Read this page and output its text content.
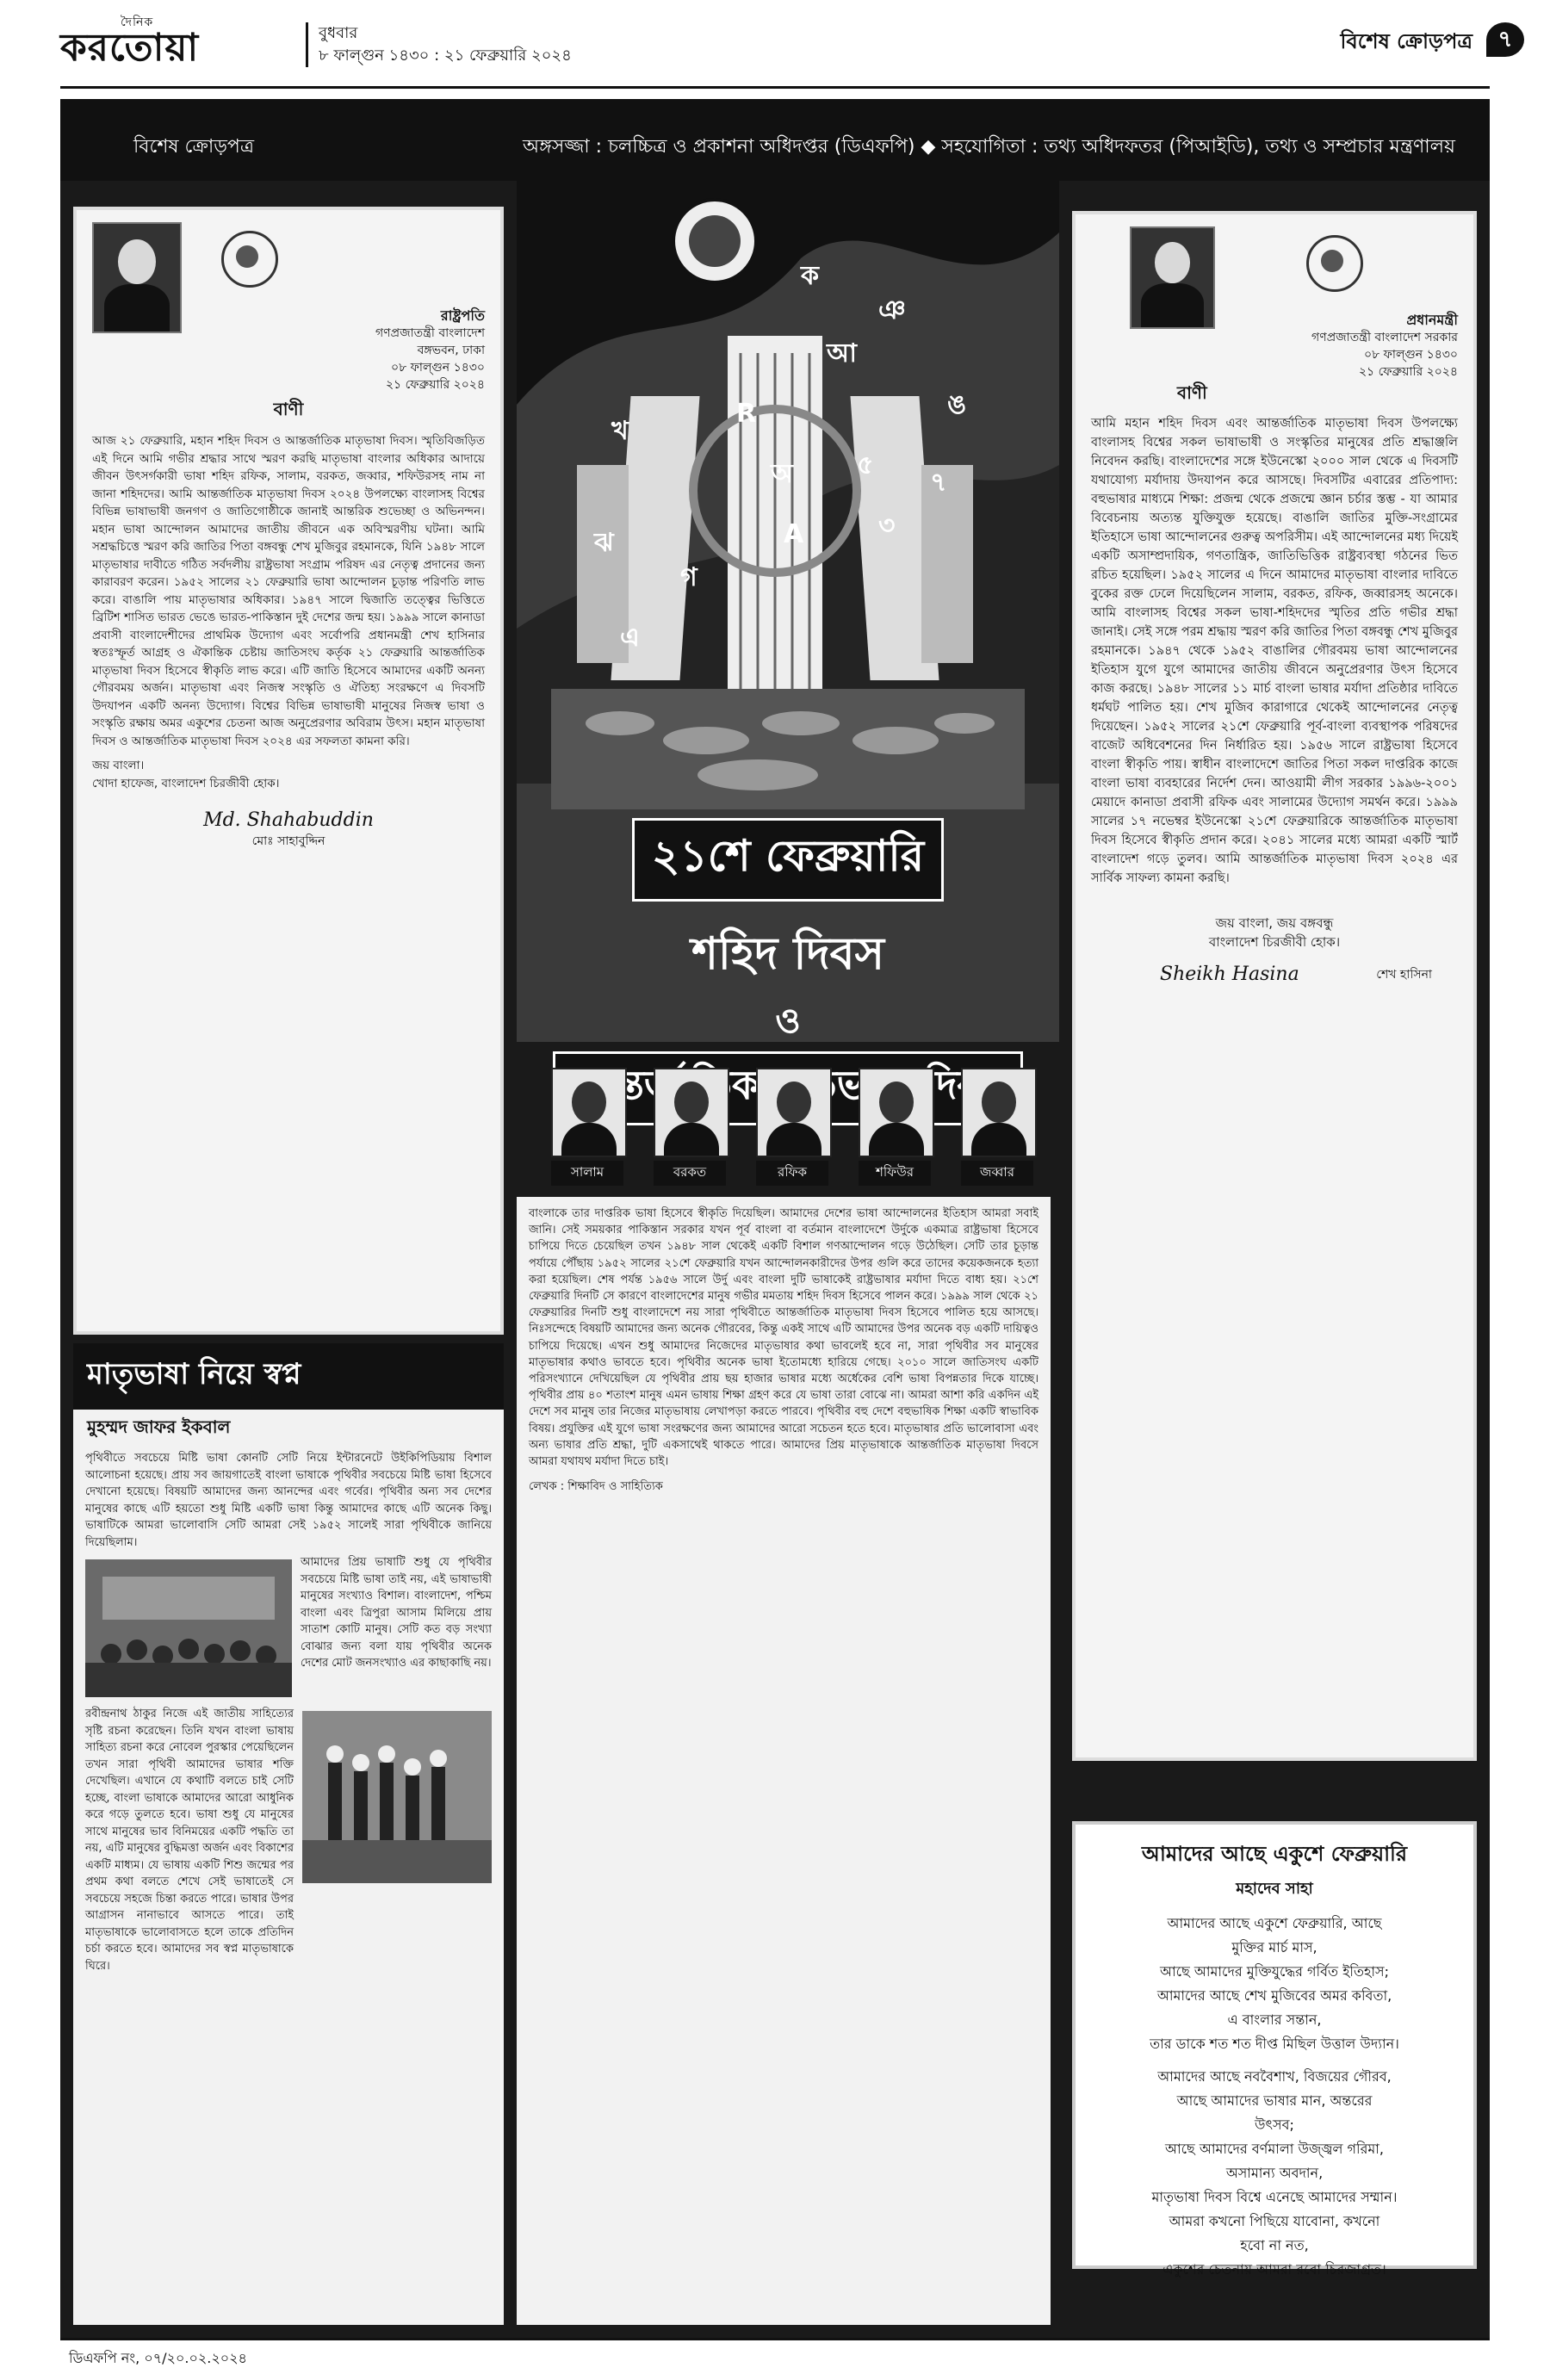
দৈনিক
করতোয়া	বুধবার
৮ ফাল্গুন ১৪৩০ : ২১ ফেব্রুয়ারি ২০২৪
বিশেষ ক্রোড়পত্র	৭
বিশেষ ক্রোড়পত্র	অঙ্গসজ্জা : চলচ্চিত্র ও প্রকাশনা অধিদপ্তর (ডিএফপি) ◆ সহযোগিতা : তথ্য অধিদফতর (পিআইডি), তথ্য ও সম্প্রচার মন্ত্রণালয়
খ
ক
গ
ঝ
অ
R
৫
ঙ
৭
৩
আ
A
ঞ
এ
২১শে ফেব্রুয়ারি
শহিদ দিবস
ও
মাতৃভাষা
সালাম	বরকত	রফিক	শফিউর	জব্বার
রাষ্ট্রপতি
গণপ্রজাতন্ত্রী বাংলাদেশ
বঙ্গভবন, ঢাকা
০৮ ফাল্গুন ১৪৩০
২১ ফেব্রুয়ারি ২০২৪
বাণী
আজ ২১ ফেব্রুয়ারি, মহান শহিদ দিবস ও আন্তর্জাতিক মাতৃভাষা দিবস। স্মৃতিবিজড়িত এই দিনে আমি গভীর শ্রদ্ধার সাথে স্মরণ করছি মাতৃভাষা বাংলার অধিকার আদায়ে জীবন উৎসর্গকারী ভাষা শহিদ রফিক, সালাম, বরকত, জব্বার, শফিউরসহ নাম না জানা শহিদদের। আমি আন্তর্জাতিক মাতৃভাষা দিবস ২০২৪ উপলক্ষ্যে বাংলাসহ বিশ্বের বিভিন্ন ভাষাভাষী জনগণ ও জাতিগোষ্ঠীকে জানাই আন্তরিক শুভেচ্ছা ও অভিনন্দন। মহান ভাষা আন্দোলন আমাদের জাতীয় জীবনে এক অবিস্মরণীয় ঘটনা। আমি সশ্রদ্ধচিত্তে স্মরণ করি জাতির পিতা বঙ্গবন্ধু শেখ মুজিবুর রহমানকে, যিনি ১৯৪৮ সালে মাতৃভাষার দাবীতে গঠিত সর্বদলীয় রাষ্ট্রভাষা সংগ্রাম পরিষদ এর নেতৃত্ব প্রদানের জন্য কারাবরণ করেন। ১৯৫২ সালের ২১ ফেব্রুয়ারি ভাষা আন্দোলন চূড়ান্ত পরিণতি লাভ করে। বাঙালি পায় মাতৃভাষার অধিকার। ১৯৪৭ সালে দ্বিজাতি তত্ত্বের ভিত্তিতে ব্রিটিশ শাসিত ভারত ভেঙে ভারত-পাকিস্তান দুই দেশের জন্ম হয়। ১৯৯৯ সালে কানাডা প্রবাসী বাংলাদেশীদের প্রাথমিক উদ্যোগ এবং সর্বোপরি প্রধানমন্ত্রী শেখ হাসিনার স্বতঃস্ফূর্ত আগ্রহ ও ঐকান্তিক চেষ্টায় জাতিসংঘ কর্তৃক ২১ ফেব্রুয়ারি আন্তর্জাতিক মাতৃভাষা দিবস হিসেবে স্বীকৃতি লাভ করে। এটি জাতি হিসেবে আমাদের একটি অনন্য গৌরবময় অর্জন। মাতৃভাষা এবং নিজস্ব সংস্কৃতি ও ঐতিহ্য সংরক্ষণে এ দিবসটি উদযাপন একটি অনন্য উদ্যোগ। বিশ্বের বিভিন্ন ভাষাভাষী মানুষের নিজস্ব ভাষা ও সংস্কৃতি রক্ষায় অমর একুশের চেতনা আজ অনুপ্রেরণার অবিরাম উৎস। মহান মাতৃভাষা দিবস ও আন্তর্জাতিক মাতৃভাষা দিবস ২০২৪ এর সফলতা কামনা করি।
জয় বাংলা।
খোদা হাফেজ, বাংলাদেশ চিরজীবী হোক।
Md. Shahabuddin
মোঃ সাহাবুদ্দিন
প্রধানমন্ত্রী
গণপ্রজাতন্ত্রী বাংলাদেশ সরকার
০৮ ফাল্গুন ১৪৩০
২১ ফেব্রুয়ারি ২০২৪
বাণী
আমি মহান শহিদ দিবস এবং আন্তর্জাতিক মাতৃভাষা দিবস উপলক্ষ্যে বাংলাসহ বিশ্বের সকল ভাষাভাষী ও সংস্কৃতির মানুষের প্রতি শ্রদ্ধাঞ্জলি নিবেদন করছি। বাংলাদেশের সঙ্গে ইউনেস্কো ২০০০ সাল থেকে এ দিবসটি যথাযোগ্য মর্যাদায় উদযাপন করে আসছে। দিবসটির এবারের প্রতিপাদ্য: বহুভাষার মাধ্যমে শিক্ষা: প্রজন্ম থেকে প্রজন্মে জ্ঞান চর্চার স্তম্ভ - যা আমার বিবেচনায় অত্যন্ত যুক্তিযুক্ত হয়েছে। বাঙালি জাতির মুক্তি-সংগ্রামের ইতিহাসে ভাষা আন্দোলনের গুরুত্ব অপরিসীম। এই আন্দোলনের মধ্য দিয়েই একটি অসাম্প্রদায়িক, গণতান্ত্রিক, জাতিভিত্তিক রাষ্ট্রব্যবস্থা গঠনের ভিত রচিত হয়েছিল। ১৯৫২ সালের এ দিনে আমাদের মাতৃভাষা বাংলার দাবিতে বুকের রক্ত ঢেলে দিয়েছিলেন সালাম, বরকত, রফিক, জব্বারসহ অনেকে। আমি বাংলাসহ বিশ্বের সকল ভাষা-শহিদদের স্মৃতির প্রতি গভীর শ্রদ্ধা জানাই। সেই সঙ্গে পরম শ্রদ্ধায় স্মরণ করি জাতির পিতা বঙ্গবন্ধু শেখ মুজিবুর রহমানকে। ১৯৪৭ থেকে ১৯৫২ বাঙালির গৌরবময় ভাষা আন্দোলনের ইতিহাস যুগে যুগে আমাদের জাতীয় জীবনে অনুপ্রেরণার উৎস হিসেবে কাজ করছে। ১৯৪৮ সালের ১১ মার্চ বাংলা ভাষার মর্যাদা প্রতিষ্ঠার দাবিতে ধর্মঘট পালিত হয়। শেখ মুজিব কারাগারে থেকেই আন্দোলনের নেতৃত্ব দিয়েছেন। ১৯৫২ সালের ২১শে ফেব্রুয়ারি পূর্ব-বাংলা ব্যবস্থাপক পরিষদের বাজেট অধিবেশনের দিন নির্ধারিত হয়। ১৯৫৬ সালে রাষ্ট্রভাষা হিসেবে বাংলা স্বীকৃতি পায়। স্বাধীন বাংলাদেশে জাতির পিতা সকল দাপ্তরিক কাজে বাংলা ভাষা ব্যবহারের নির্দেশ দেন। আওয়ামী লীগ সরকার ১৯৯৬-২০০১ মেয়াদে কানাডা প্রবাসী রফিক এবং সালামের উদ্যোগ সমর্থন করে। ১৯৯৯ সালের ১৭ নভেম্বর ইউনেস্কো ২১শে ফেব্রুয়ারিকে আন্তর্জাতিক মাতৃভাষা দিবস হিসেবে স্বীকৃতি প্রদান করে। ২০৪১ সালের মধ্যে আমরা একটি স্মার্ট বাংলাদেশ গড়ে তুলব। আমি আন্তর্জাতিক মাতৃভাষা দিবস ২০২৪ এর সার্বিক সাফল্য কামনা করছি।
জয় বাংলা, জয় বঙ্গবন্ধু
বাংলাদেশ চিরজীবী হোক।
Sheikh Hasina	শেখ হাসিনা
বাংলাকে তার দাপ্তরিক ভাষা হিসেবে স্বীকৃতি দিয়েছিল। আমাদের দেশের ভাষা আন্দোলনের ইতিহাস আমরা সবাই জানি। সেই সময়কার পাকিস্তান সরকার যখন পূর্ব বাংলা বা বর্তমান বাংলাদেশে উর্দুকে একমাত্র রাষ্ট্রভাষা হিসেবে চাপিয়ে দিতে চেয়েছিল তখন ১৯৪৮ সাল থেকেই একটি বিশাল গণআন্দোলন গড়ে উঠেছিল। সেটি তার চূড়ান্ত পর্যায়ে পৌঁছায় ১৯৫২ সালের ২১শে ফেব্রুয়ারি যখন আন্দোলনকারীদের উপর গুলি করে তাদের কয়েকজনকে হত্যা করা হয়েছিল। শেষ পর্যন্ত ১৯৫৬ সালে উর্দু এবং বাংলা দুটি ভাষাকেই রাষ্ট্রভাষার মর্যাদা দিতে বাধ্য হয়। ২১শে ফেব্রুয়ারি দিনটি সে কারণে বাংলাদেশের মানুষ গভীর মমতায় শহিদ দিবস হিসেবে পালন করে। ১৯৯৯ সাল থেকে ২১ ফেব্রুয়ারির দিনটি শুধু বাংলাদেশে নয় সারা পৃথিবীতে আন্তর্জাতিক মাতৃভাষা দিবস হিসেবে পালিত হয়ে আসছে। নিঃসন্দেহে বিষয়টি আমাদের জন্য অনেক গৌরবের, কিন্তু একই সাথে এটি আমাদের উপর অনেক বড় একটি দায়িত্বও চাপিয়ে দিয়েছে। এখন শুধু আমাদের নিজেদের মাতৃভাষার কথা ভাবলেই হবে না, সারা পৃথিবীর সব মানুষের মাতৃভাষার কথাও ভাবতে হবে। পৃথিবীর অনেক ভাষা ইতোমধ্যে হারিয়ে গেছে। ২০১০ সালে জাতিসংঘ একটি পরিসংখ্যানে দেখিয়েছিল যে পৃথিবীর প্রায় ছয় হাজার ভাষার মধ্যে অর্ধেকের বেশি ভাষা বিপন্নতার দিকে যাচ্ছে। পৃথিবীর প্রায় ৪০ শতাংশ মানুষ এমন ভাষায় শিক্ষা গ্রহণ করে যে ভাষা তারা বোঝে না। আমরা আশা করি একদিন এই দেশে সব মানুষ তার নিজের মাতৃভাষায় লেখাপড়া করতে পারবে। পৃথিবীর বহু দেশে বহুভাষিক শিক্ষা একটি স্বাভাবিক বিষয়। প্রযুক্তির এই যুগে ভাষা সংরক্ষণের জন্য আমাদের আরো সচেতন হতে হবে। মাতৃভাষার প্রতি ভালোবাসা এবং অন্য ভাষার প্রতি শ্রদ্ধা, দুটি একসাথেই থাকতে পারে। আমাদের প্রিয় মাতৃভাষাকে আন্তর্জাতিক মাতৃভাষা দিবসে আমরা যথাযথ মর্যাদা দিতে চাই।
লেখক : শিক্ষাবিদ ও সাহিত্যিক
মাতৃভাষা নিয়ে স্বপ্ন
মুহম্মদ জাফর ইকবাল
পৃথিবীতে সবচেয়ে মিষ্টি ভাষা কোনটি সেটি নিয়ে ইন্টারনেটে উইকিপিডিয়ায় বিশাল আলোচনা হয়েছে। প্রায় সব জায়গাতেই বাংলা ভাষাকে পৃথিবীর সবচেয়ে মিষ্টি ভাষা হিসেবে দেখানো হয়েছে। বিষয়টি আমাদের জন্য আনন্দের এবং গর্বের। পৃথিবীর অন্য সব দেশের মানুষের কাছে এটি হয়তো শুধু মিষ্টি একটি ভাষা কিন্তু আমাদের কাছে এটি অনেক কিছু। ভাষাটিকে আমরা ভালোবাসি সেটি আমরা সেই ১৯৫২ সালেই সারা পৃথিবীকে জানিয়ে দিয়েছিলাম।
আমাদের প্রিয় ভাষাটি শুধু যে পৃথিবীর সবচেয়ে মিষ্টি ভাষা তাই নয়, এই ভাষাভাষী মানুষের সংখ্যাও বিশাল। বাংলাদেশ, পশ্চিম বাংলা এবং ত্রিপুরা আসাম মিলিয়ে প্রায় সাতাশ কোটি মানুষ। সেটি কত বড় সংখ্যা বোঝার জন্য বলা যায় পৃথিবীর অনেক দেশের মোট জনসংখ্যাও এর কাছাকাছি নয়।
রবীন্দ্রনাথ ঠাকুর নিজে এই জাতীয় সাহিত্যের সৃষ্টি রচনা করেছেন। তিনি যখন বাংলা ভাষায় সাহিত্য রচনা করে নোবেল পুরস্কার পেয়েছিলেন তখন সারা পৃথিবী আমাদের ভাষার শক্তি দেখেছিল। এখানে যে কথাটি বলতে চাই সেটি হচ্ছে, বাংলা ভাষাকে আমাদের আরো আধুনিক করে গড়ে তুলতে হবে। ভাষা শুধু যে মানুষের সাথে মানুষের ভাব বিনিময়ের একটি পদ্ধতি তা নয়, এটি মানুষের বুদ্ধিমত্তা অর্জন এবং বিকাশের একটি মাধ্যম। যে ভাষায় একটি শিশু জন্মের পর প্রথম কথা বলতে শেখে সেই ভাষাতেই সে সবচেয়ে সহজে চিন্তা করতে পারে। ভাষার উপর আগ্রাসন নানাভাবে আসতে পারে। তাই মাতৃভাষাকে ভালোবাসতে হলে তাকে প্রতিদিন চর্চা করতে হবে। আমাদের সব স্বপ্ন মাতৃভাষাকে ঘিরে।
আমাদের আছে একুশে ফেব্রুয়ারি
মহাদেব সাহা
আমাদের আছে একুশে ফেব্রুয়ারি, আছে
মুক্তির মার্চ মাস,
আছে আমাদের মুক্তিযুদ্ধের গর্বিত ইতিহাস;
আমাদের আছে শেখ মুজিবের অমর কবিতা,
এ বাংলার সন্তান,
তার ডাকে শত শত দীপ্ত মিছিল উত্তাল উদ্যান।
আমাদের আছে নববৈশাখ, বিজয়ের গৌরব,
আছে আমাদের ভাষার মান, অন্তরের
উৎসব;
আছে আমাদের বর্ণমালা উজ্জ্বল গরিমা,
অসামান্য অবদান,
মাতৃভাষা দিবস বিশ্বে এনেছে আমাদের সম্মান।
আমরা কখনো পিছিয়ে যাবোনা, কখনো
হবো না নত,
একুশের চেতনায় আমরা রবো চিরজাগ্রত।
ডিএফপি নং, ০৭/২০.০২.২০২৪
